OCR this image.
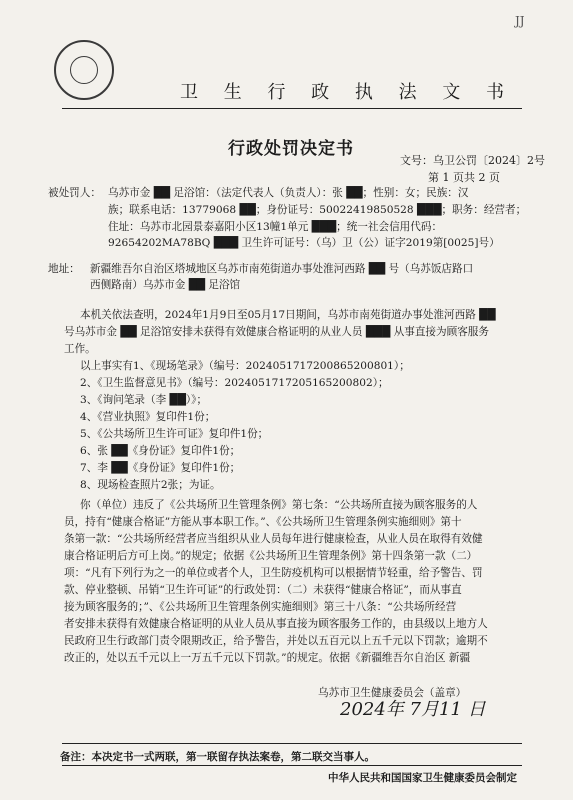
JJ
卫 生 行 政 执 法 文 书
行政处罚决定书
文号：乌卫公罚〔2024〕2号
第 1 页共 2 页
被处罚人： 乌苏市金 ██ 足浴馆：（法定代表人（负责人）：张 ██；性别：女；民族：汉
族；联系电话：13779068 ██；身份证号：50022419850528 ███；职务：经营者；
住址：乌苏市北园景泰嘉阳小区13幢1单元 ███；统一社会信用代码：
92654202MA78BQ ███ 卫生许可证号：（乌）卫（公）证字2019第[0025]号）
地址： 新疆维吾尔自治区塔城地区乌苏市南苑街道办事处淮河西路 ██ 号（乌苏饭店路口
西侧路南）乌苏市金 ██ 足浴馆
本机关依法查明，2024年1月9日至05月17日期间，乌苏市南苑街道办事处淮河西路 ██
号乌苏市金 ██ 足浴馆安排未获得有效健康合格证明的从业人员 ███ 从事直接为顾客服务
工作。
以上事实有1、《现场笔录》（编号：2024051717200865200801）；
2、《卫生监督意见书》（编号：2024051717205165200802）；
3、《询问笔录（李 ██）》；
4、《营业执照》复印件1份；
5、《公共场所卫生许可证》复印件1份；
6、张 ██《身份证》复印件1份；
7、李 ██《身份证》复印件1份；
8、现场检查照片2张；为证。
你（单位）违反了《公共场所卫生管理条例》第七条：“公共场所直接为顾客服务的人
员，持有“健康合格证”方能从事本职工作。”、《公共场所卫生管理条例实施细则》第十
条第一款：“公共场所经营者应当组织从业人员每年进行健康检查，从业人员在取得有效健
康合格证明后方可上岗。”的规定；依据《公共场所卫生管理条例》第十四条第一款（二）
项：“凡有下列行为之一的单位或者个人，卫生防疫机构可以根据情节轻重，给予警告、罚
款、停业整顿、吊销“卫生许可证”的行政处罚：（二）未获得“健康合格证”，而从事直
接为顾客服务的；”、《公共场所卫生管理条例实施细则》第三十八条：“公共场所经营
者安排未获得有效健康合格证明的从业人员从事直接为顾客服务工作的，由县级以上地方人
民政府卫生行政部门责令限期改正，给予警告，并处以五百元以上五千元以下罚款；逾期不
改正的，处以五千元以上一万五千元以下罚款。”的规定。依据《新疆维吾尔自治区 新疆
乌苏市卫生健康委员会（盖章）
2024年 7月11 日
备注：本决定书一式两联，第一联留存执法案卷，第二联交当事人。
中华人民共和国国家卫生健康委员会制定
